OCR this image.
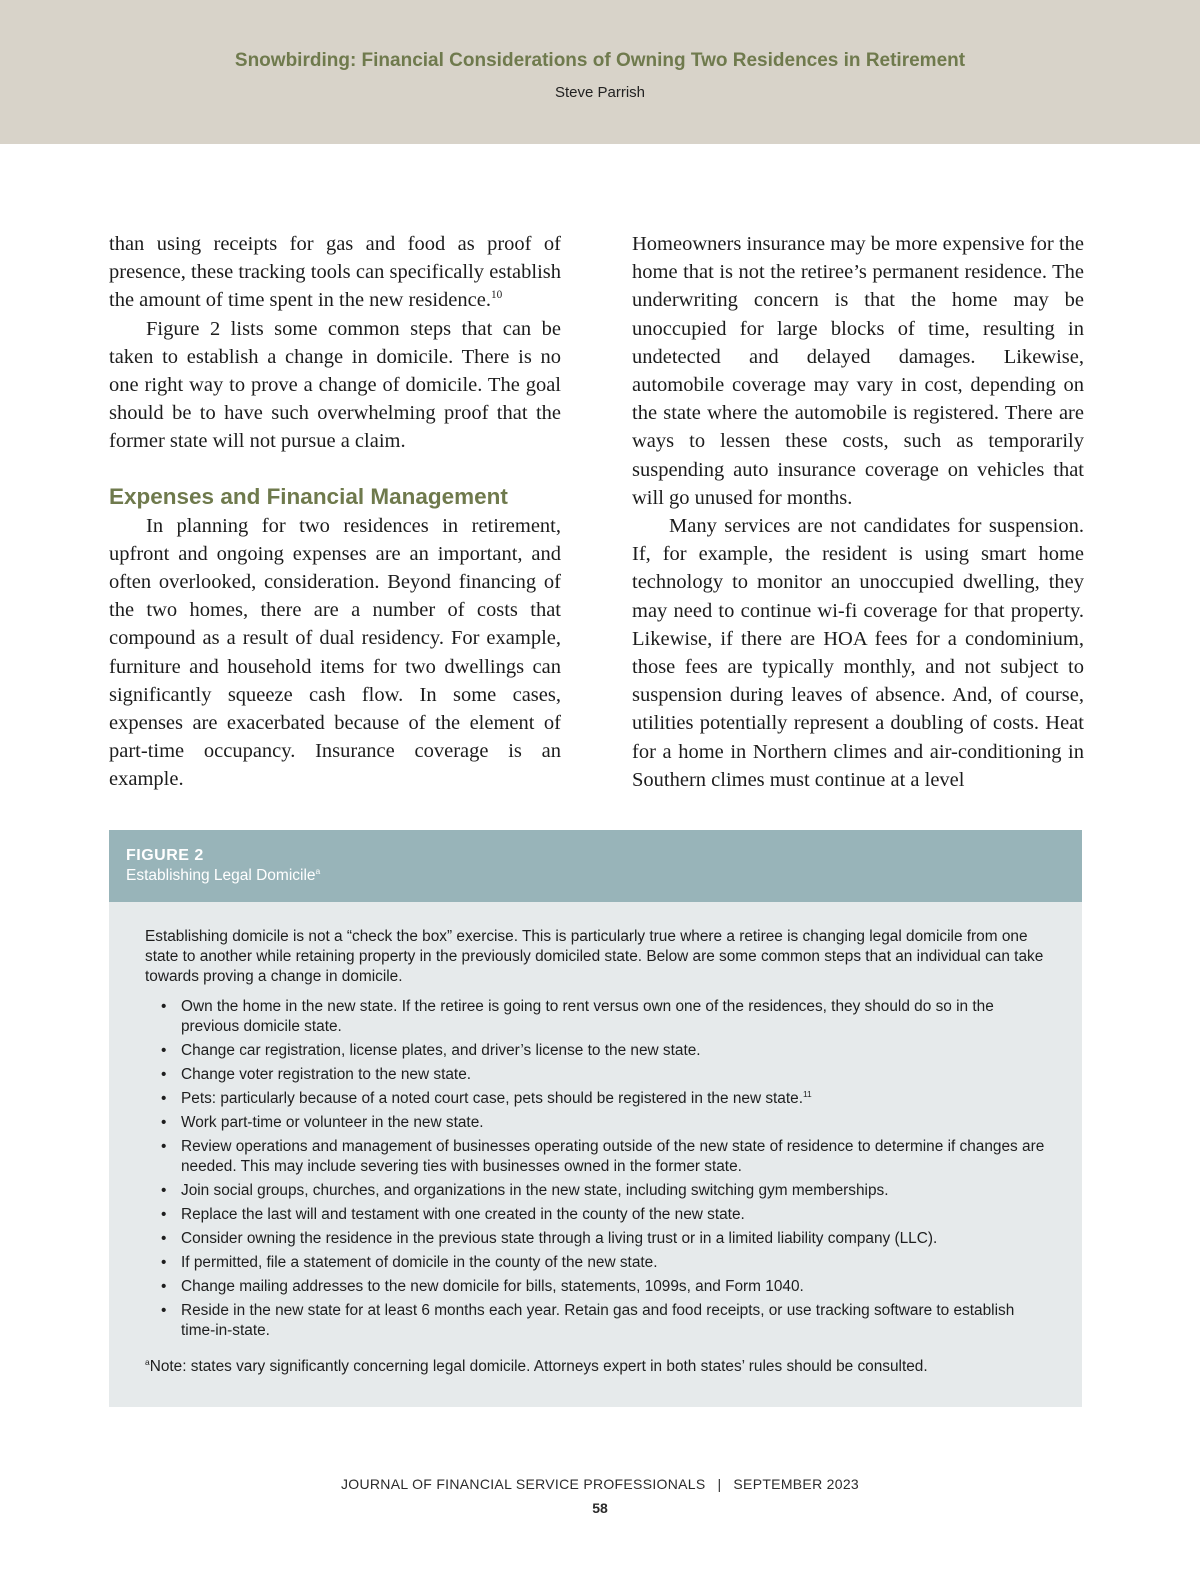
Snowbirding: Financial Considerations of Owning Two Residences in Retirement
Steve Parrish

than using receipts for gas and food as proof of presence, these tracking tools can specifically establish the amount of time spent in the new residence.$^{10}$

Figure 2 lists some common steps that can be taken to establish a change in domicile. There is no one right way to prove a change of domicile. The goal should be to have such overwhelming proof that the former state will not pursue a claim.

Expenses and Financial Management

In planning for two residences in retirement, upfront and ongoing expenses are an important, and often overlooked, consideration. Beyond financing of the two homes, there are a number of costs that compound as a result of dual residency. For example, furniture and household items for two dwellings can significantly squeeze cash flow. In some cases, expenses are exacerbated because of the element of part-time occupancy. Insurance coverage is an example.

Homeowners insurance may be more expensive for the home that is not the retiree’s permanent residence. The underwriting concern is that the home may be unoccupied for large blocks of time, resulting in undetected and delayed damages. Likewise, automobile coverage may vary in cost, depending on the state where the automobile is registered. There are ways to lessen these costs, such as temporarily suspending auto insurance coverage on vehicles that will go unused for months.

Many services are not candidates for suspension. If, for example, the resident is using smart home technology to monitor an unoccupied dwelling, they may need to continue wi-fi coverage for that property. Likewise, if there are HOA fees for a condominium, those fees are typically monthly, and not subject to suspension during leaves of absence. And, of course, utilities potentially represent a doubling of costs. Heat for a home in Northern climes and air-conditioning in Southern climes must continue at a level

FIGURE 2
Establishing Legal Domicile$^a$

Establishing domicile is not a “check the box” exercise. This is particularly true where a retiree is changing legal domicile from one state to another while retaining property in the previously domiciled state. Below are some common steps that an individual can take towards proving a change in domicile.

• Own the home in the new state. If the retiree is going to rent versus own one of the residences, they should do so in the previous domicile state.
• Change car registration, license plates, and driver’s license to the new state.
• Change voter registration to the new state.
• Pets: particularly because of a noted court case, pets should be registered in the new state.$^{11}$
• Work part-time or volunteer in the new state.
• Review operations and management of businesses operating outside of the new state of residence to determine if changes are needed. This may include severing ties with businesses owned in the former state.
• Join social groups, churches, and organizations in the new state, including switching gym memberships.
• Replace the last will and testament with one created in the county of the new state.
• Consider owning the residence in the previous state through a living trust or in a limited liability company (LLC).
• If permitted, file a statement of domicile in the county of the new state.
• Change mailing addresses to the new domicile for bills, statements, 1099s, and Form 1040.
• Reside in the new state for at least 6 months each year. Retain gas and food receipts, or use tracking software to establish time-in-state.

$^a$Note: states vary significantly concerning legal domicile. Attorneys expert in both states’ rules should be consulted.

JOURNAL OF FINANCIAL SERVICE PROFESSIONALS | SEPTEMBER 2023
58
